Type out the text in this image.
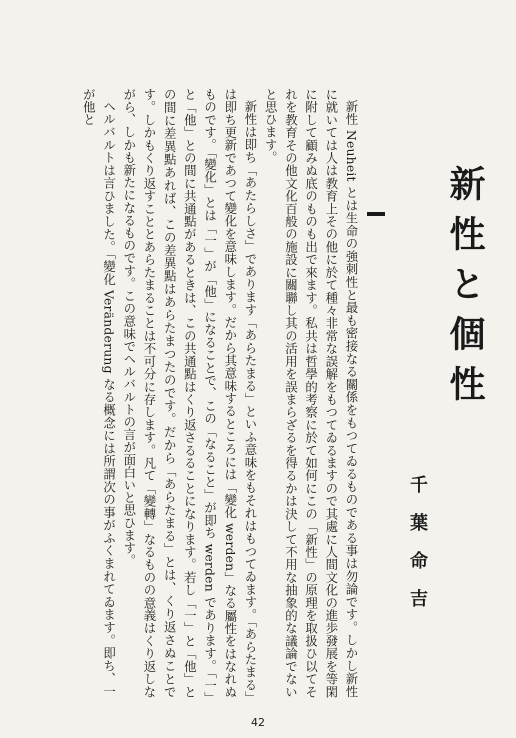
新性と個性
千葉命吉

新性 Neuheit とは生命の強刺性と最も密接なる關係をもつてゐるものである事は勿論です。しかし新性に就いては人は教育上その他に於て種々非常な誤解をもつてゐるますので其處に人間文化の進歩發展を等閑に附して顧みぬ底のものも出で來ます。私共は哲學的考察に於て如何にこの「新性」の原理を取扱ひ以てそれを教育その他文化百般の施設に關聯し其の活用を誤まらざるを得るかは決して不用な抽象的な議論でないと思ひます。

新性は即ち「あたらしさ」であります「あらたまる」といふ意味をもそれはもつてゐます。「あらたまる」は即ち更新であつて變化を意味します。だから其意味するところには「變化 werden」なる屬性をはなれぬものです。「變化」とは「一」が「他」になることで、この「なること」が即ち werden であります。「一」と「他」との間に共通點があるときは、この共通點はくり返さるることになります。若し「一」と「他」との間に差異點あれば、この差異點はあらたまつたのです。だから「あらたまる」とは、くり返さぬことです。しかもくり返すこととあらたまることは不可分に存します。凡て「變轉」なるものの意義はくり返しながら、しかも新たになるものです。この意味でヘルバルトの言が面白いと思ひます。

ヘルバルトは言ひました。「變化 Veränderung なる概念には所謂次の事がふくまれてゐます。即ち、一が他と

42
